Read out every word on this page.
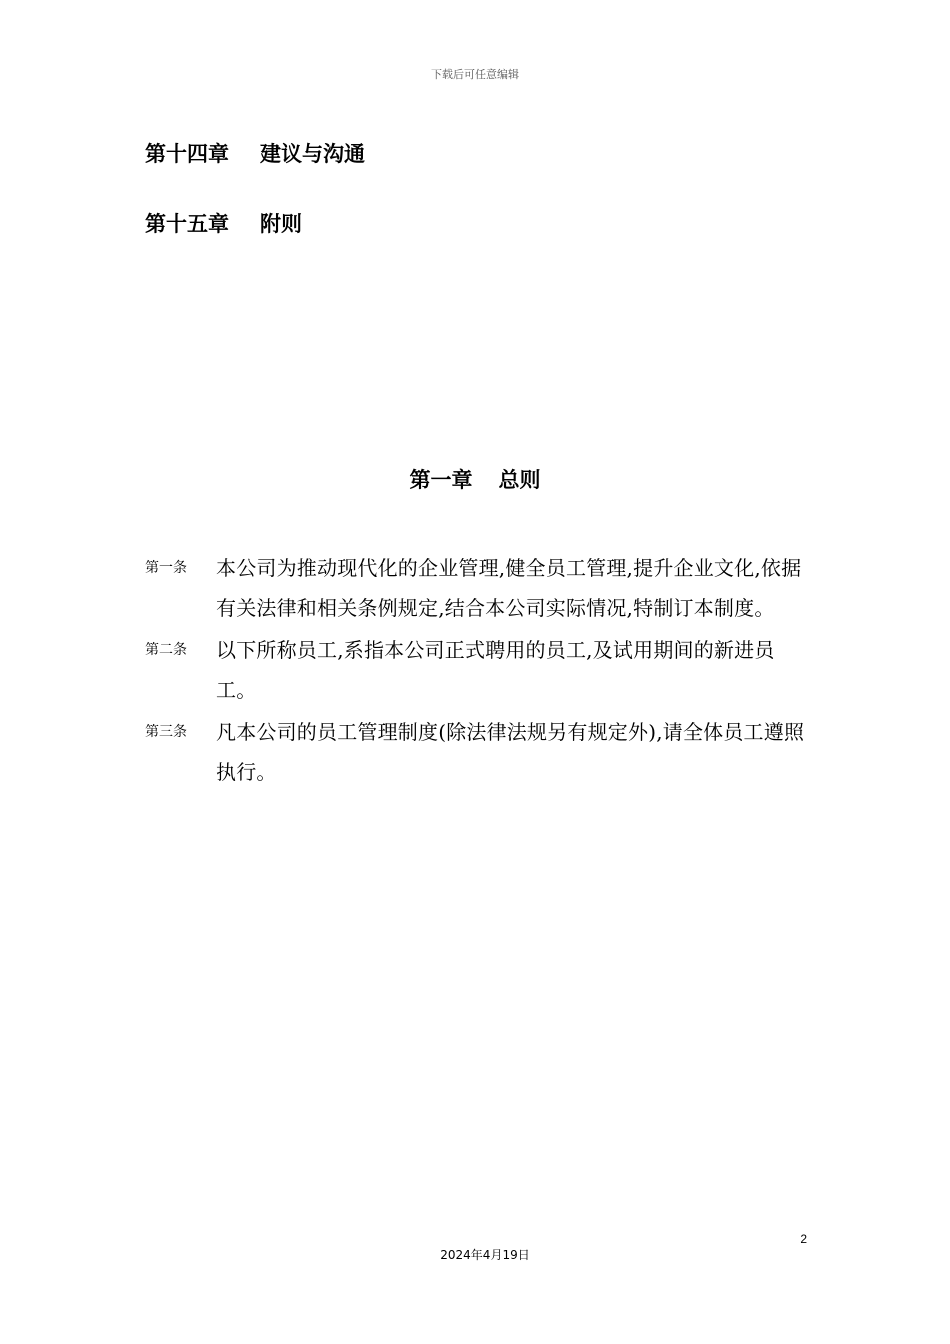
下载后可任意编辑
第十四章 建议与沟通
第十五章 附则
第一章 总则
第一条	本公司为推动现代化的企业管理,健全员工管理,提升企业文化,依据有关法律和相关条例规定,结合本公司实际情况,特制订本制度。
第二条	以下所称员工,系指本公司正式聘用的员工,及试用期间的新进员工。
第三条	凡本公司的员工管理制度(除法律法规另有规定外),请全体员工遵照执行。
2
2024年4月19日
